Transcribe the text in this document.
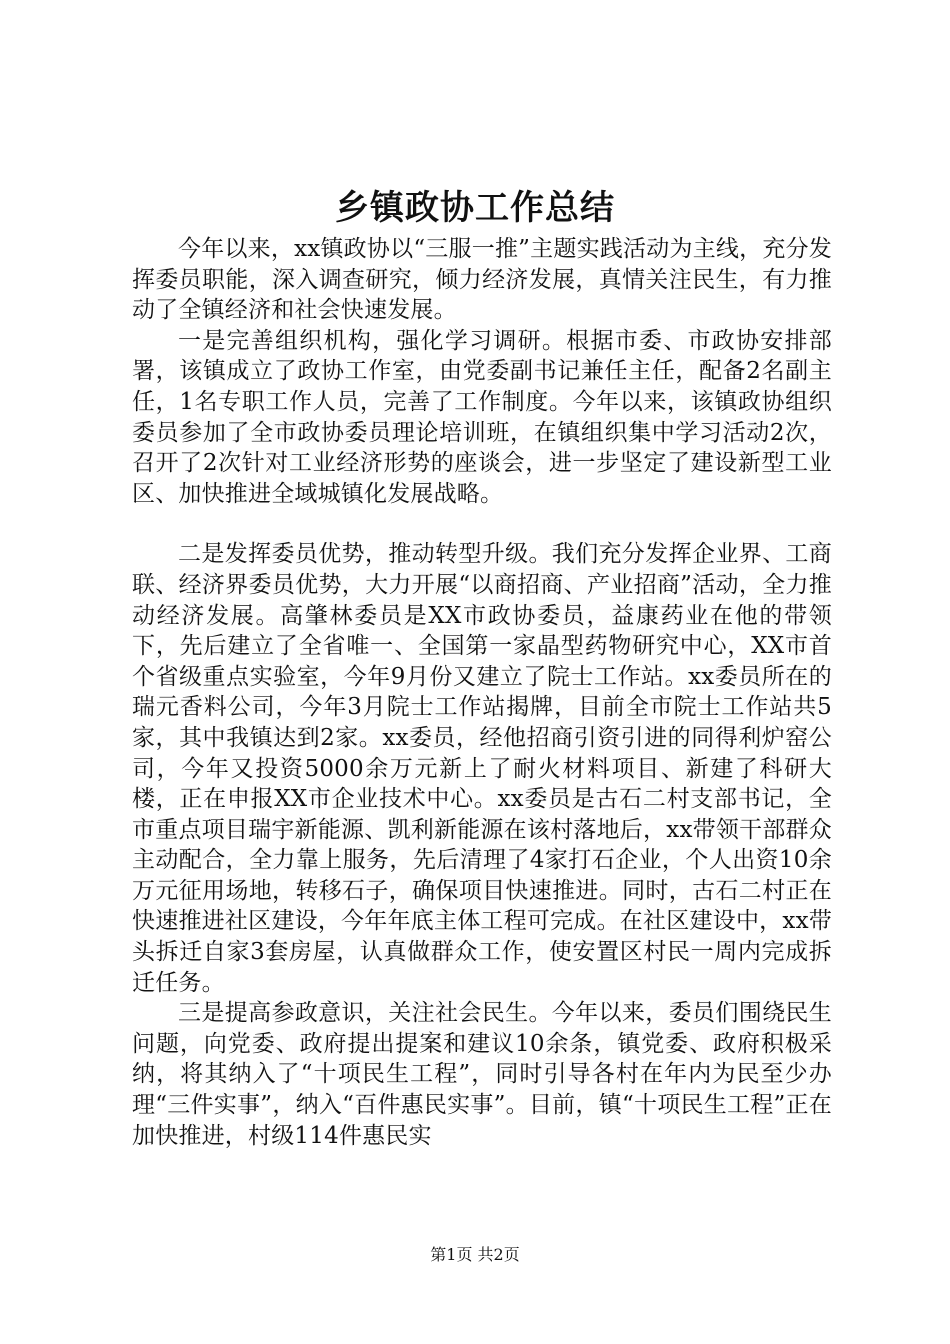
乡镇政协工作总结

今年以来，xx镇政协以“三服一推”主题实践活动为主线，充分发挥委员职能，深入调查研究，倾力经济发展，真情关注民生，有力推动了全镇经济和社会快速发展。

一是完善组织机构，强化学习调研。根据市委、市政协安排部署，该镇成立了政协工作室，由党委副书记兼任主任，配备2名副主任，1名专职工作人员，完善了工作制度。今年以来，该镇政协组织委员参加了全市政协委员理论培训班，在镇组织集中学习活动2次，召开了2次针对工业经济形势的座谈会，进一步坚定了建设新型工业区、加快推进全域城镇化发展战略。

二是发挥委员优势，推动转型升级。我们充分发挥企业界、工商联、经济界委员优势，大力开展“以商招商、产业招商”活动，全力推动经济发展。高肇林委员是XX市政协委员，益康药业在他的带领下，先后建立了全省唯一、全国第一家晶型药物研究中心，XX市首个省级重点实验室，今年9月份又建立了院士工作站。xx委员所在的瑞元香料公司，今年3月院士工作站揭牌，目前全市院士工作站共5家，其中我镇达到2家。xx委员，经他招商引资引进的同得利炉窑公司，今年又投资5000余万元新上了耐火材料项目、新建了科研大楼，正在申报XX市企业技术中心。xx委员是古石二村支部书记，全市重点项目瑞宇新能源、凯利新能源在该村落地后，xx带领干部群众主动配合，全力靠上服务，先后清理了4家打石企业，个人出资10余万元征用场地，转移石子，确保项目快速推进。同时，古石二村正在快速推进社区建设，今年年底主体工程可完成。在社区建设中，xx带头拆迁自家3套房屋，认真做群众工作，使安置区村民一周内完成拆迁任务。

三是提高参政意识，关注社会民生。今年以来，委员们围绕民生问题，向党委、政府提出提案和建议10余条，镇党委、政府积极采纳，将其纳入了“十项民生工程”，同时引导各村在年内为民至少办理“三件实事”，纳入“百件惠民实事”。目前，镇“十项民生工程”正在加快推进，村级114件惠民实

第1页 共2页
